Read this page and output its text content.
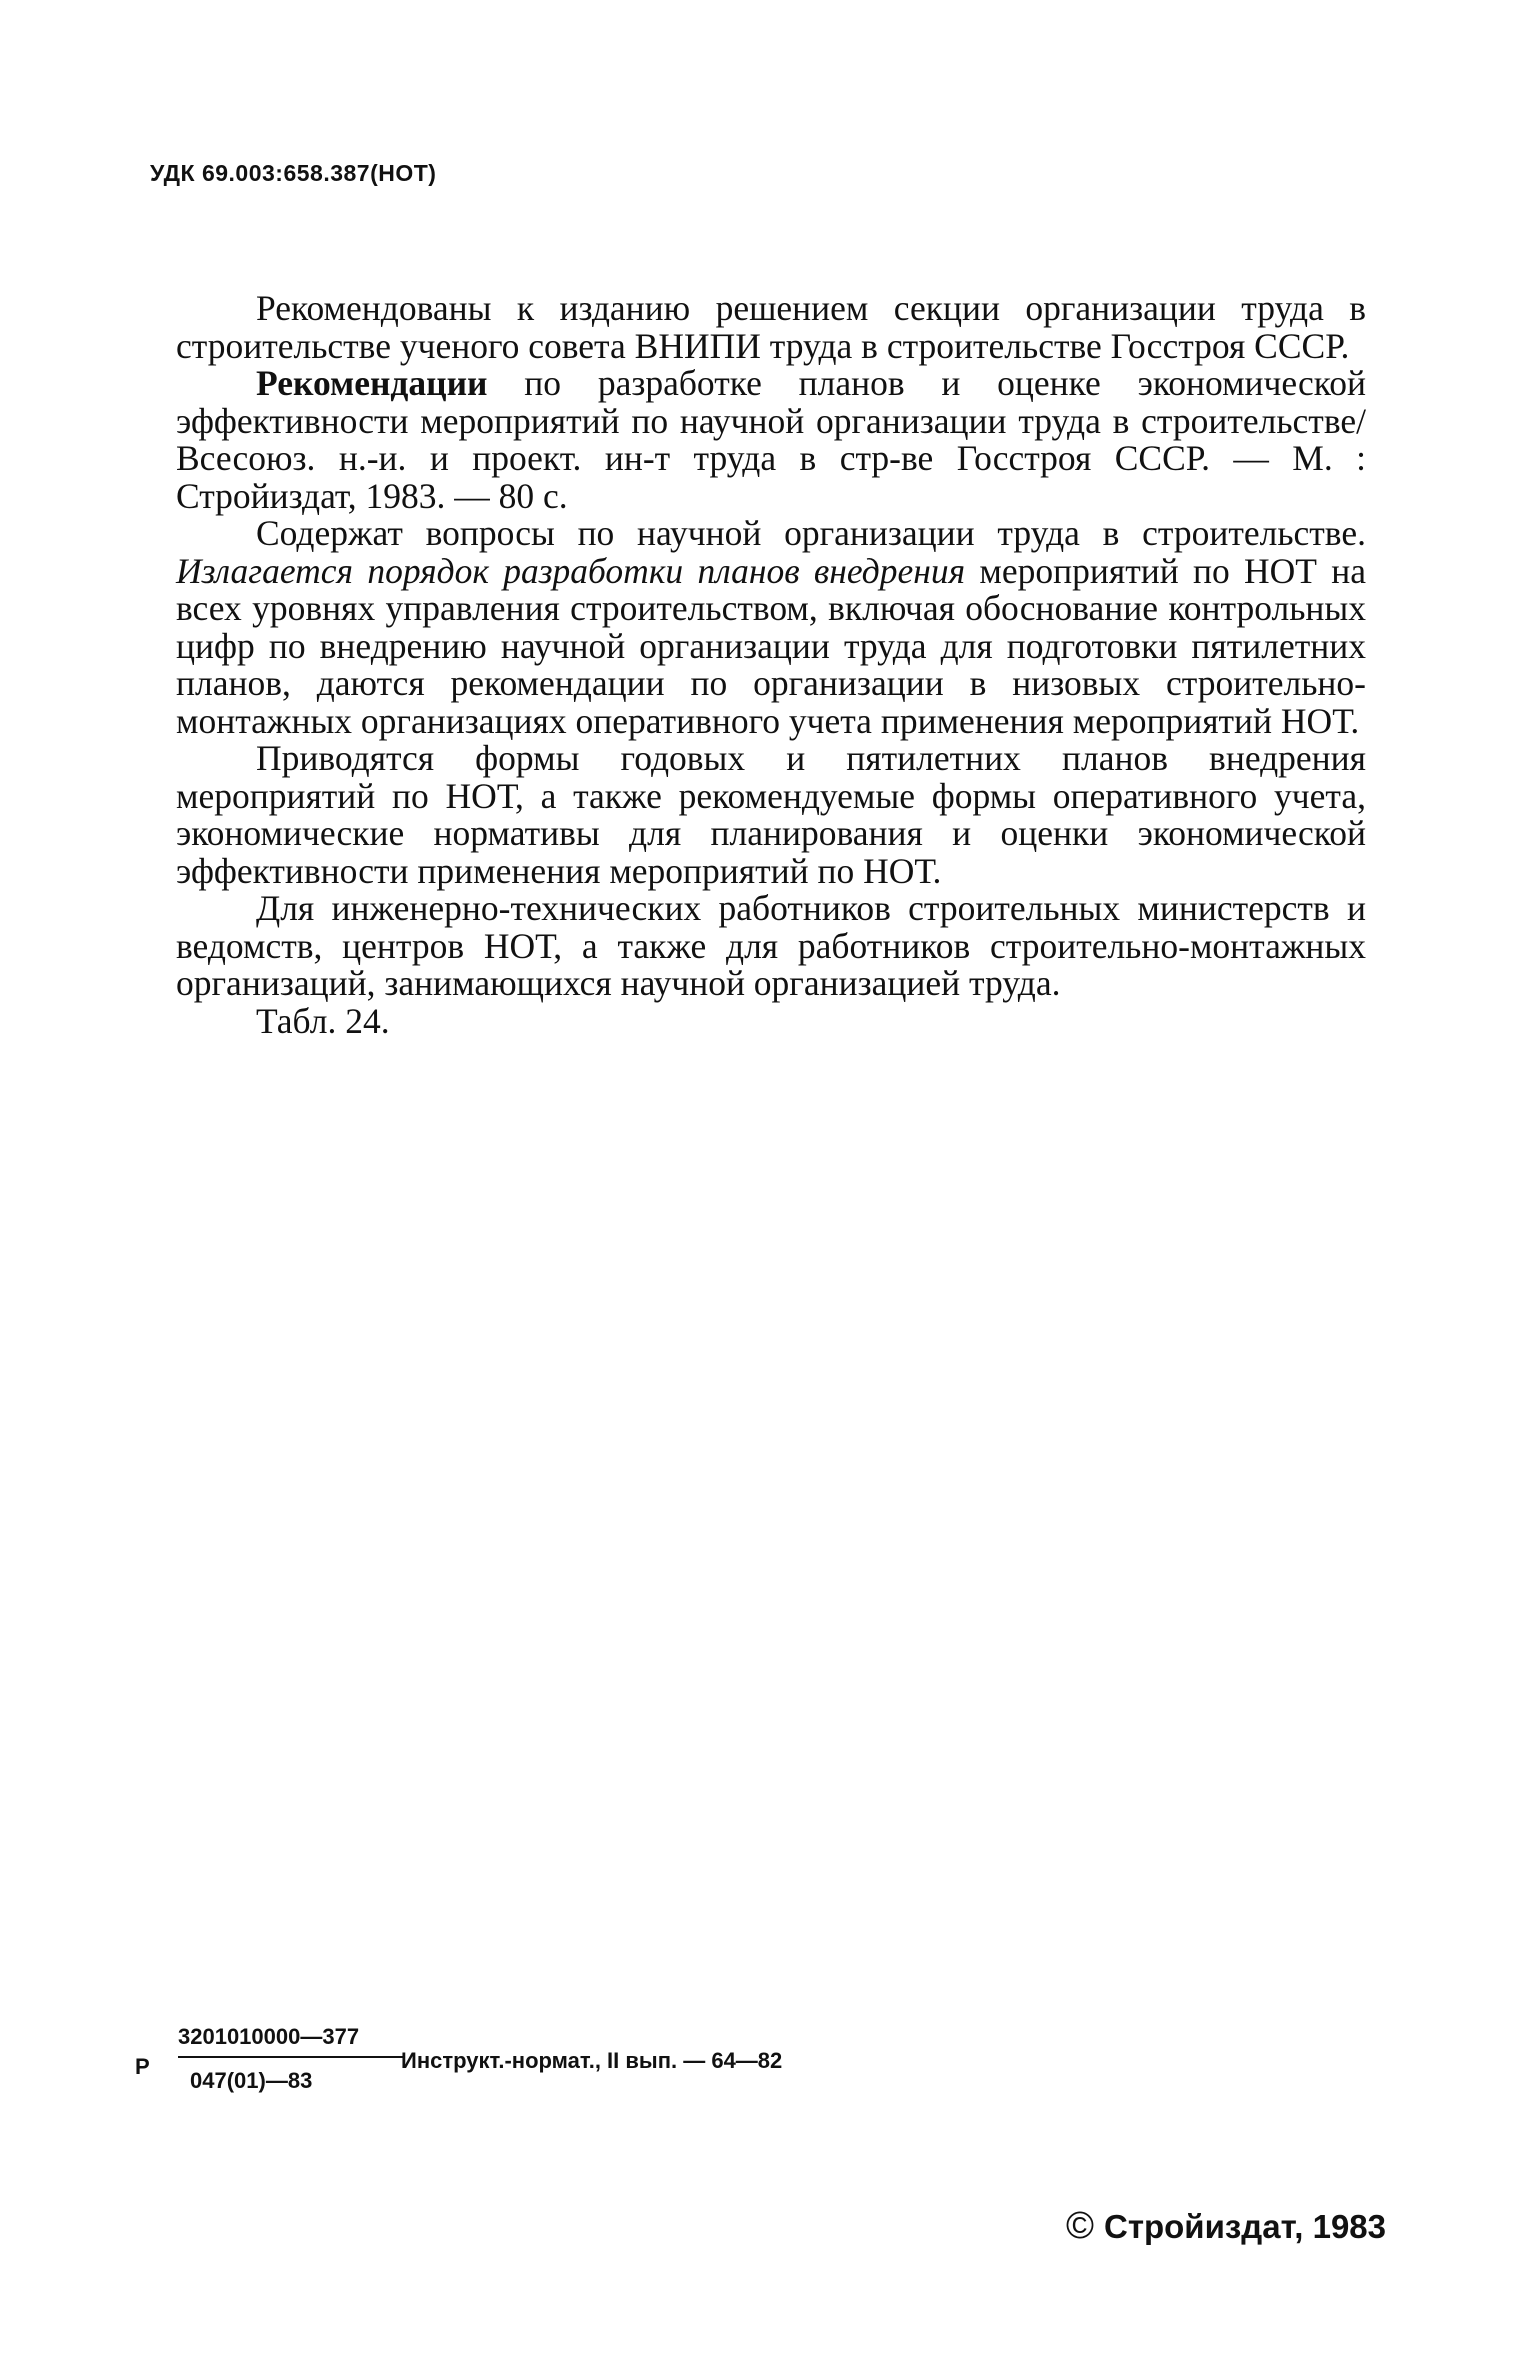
УДК 69.003:658.387(НОТ)

Рекомендованы к изданию решением секции организации труда в строительстве ученого совета ВНИПИ труда в строительстве Госстроя СССР.

Рекомендации по разработке планов и оценке экономической эффективности мероприятий по научной организации труда в строительстве/Всесоюз. н.-и. и проект. ин-т труда в стр-ве Госстроя СССР. — М. : Стройиздат, 1983. — 80 с.

Содержат вопросы по научной организации труда в строительстве. Излагается порядок разработки планов внедрения мероприятий по НОТ на всех уровнях управления строительством, включая обоснование контрольных цифр по внедрению научной организации труда для подготовки пятилетних планов, даются рекомендации по организации в низовых строительно-монтажных организациях оперативного учета применения мероприятий НОТ.

Приводятся формы годовых и пятилетних планов внедрения мероприятий по НОТ, а также рекомендуемые формы оперативного учета, экономические нормативы для планирования и оценки экономической эффективности применения мероприятий по НОТ.

Для инженерно-технических работников строительных министерств и ведомств, центров НОТ, а также для работников строительно-монтажных организаций, занимающихся научной организацией труда.

Табл. 24.

Р
3201010000—377
047(01)—83
Инструкт.-нормат., II вып. — 64—82
© Стройиздат, 1983
